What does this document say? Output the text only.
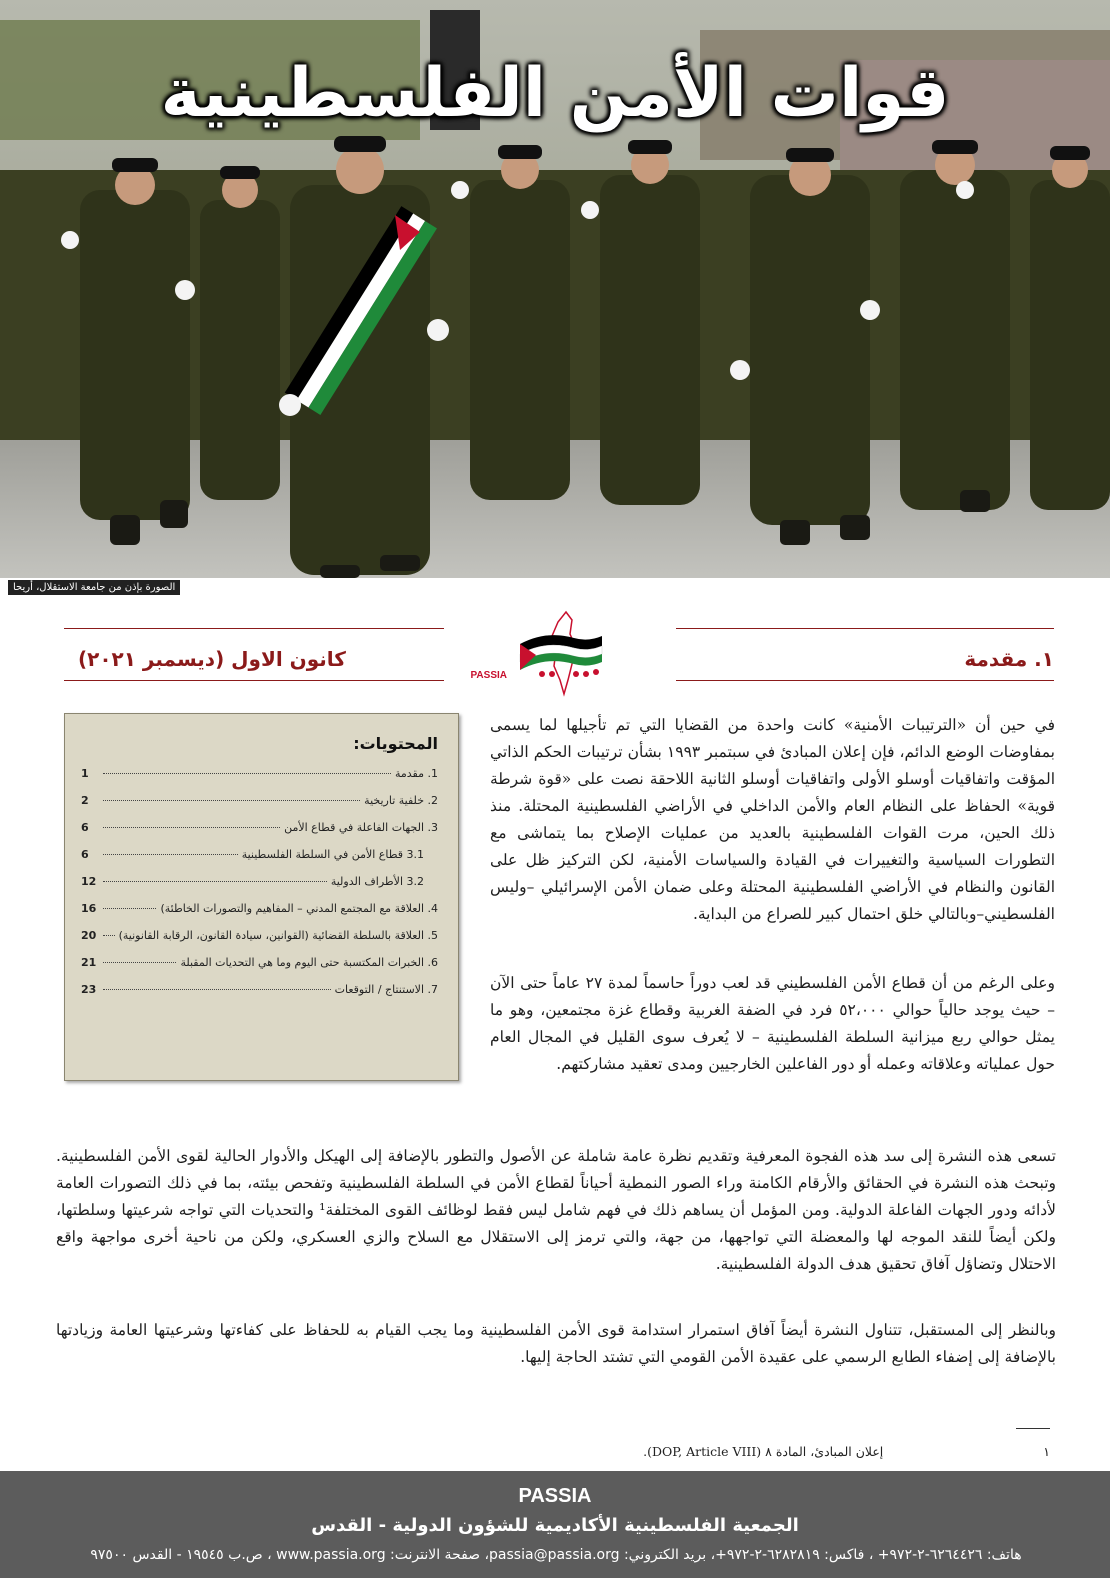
قوات الأمن الفلسطينية
الصورة بإذن من جامعة الاستقلال، أريحا
١. مقدمة
كانون الاول (ديسمبر ٢٠٢١)
PASSIA
المحتويات:
1. مقدمة
1
2. خلفية تاريخية
2
3. الجهات الفاعلة في قطاع الأمن
6
3.1 قطاع الأمن في السلطة الفلسطينية
6
3.2 الأطراف الدولية
12
4. العلاقة مع المجتمع المدني – المفاهيم والتصورات الخاطئة)
16
5. العلاقة بالسلطة القضائية (القوانين، سيادة القانون، الرقابة القانونية)
20
6. الخبرات المكتسبة حتى اليوم وما هي التحديات المقبلة
21
7. الاستنتاج / التوقعات
23

في حين أن «الترتيبات الأمنية» كانت واحدة من القضايا التي تم تأجيلها لما يسمى بمفاوضات الوضع الدائم، فإن إعلان المبادئ في سبتمبر ١٩٩٣ بشأن ترتيبات الحكم الذاتي المؤقت واتفاقيات أوسلو الأولى واتفاقيات أوسلو الثانية اللاحقة نصت على «قوة شرطة قوية» الحفاظ على النظام العام والأمن الداخلي في الأراضي الفلسطينية المحتلة. منذ ذلك الحين، مرت القوات الفلسطينية بالعديد من عمليات الإصلاح بما يتماشى مع التطورات السياسية والتغييرات في القيادة والسياسات الأمنية، لكن التركيز ظل على القانون والنظام في الأراضي الفلسطينية المحتلة وعلى ضمان الأمن الإسرائيلي –وليس الفلسطيني–وبالتالي خلق احتمال كبير للصراع من البداية.

وعلى الرغم من أن قطاع الأمن الفلسطيني قد لعب دوراً حاسماً لمدة ٢٧ عاماً حتى الآن – حيث يوجد حالياً حوالي ٥٢،٠٠٠ فرد في الضفة الغربية وقطاع غزة مجتمعين، وهو ما يمثل حوالي ربع ميزانية السلطة الفلسطينية – لا يُعرف سوى القليل في المجال العام حول عملياته وعلاقاته وعمله أو دور الفاعلين الخارجيين ومدى تعقيد مشاركتهم.

تسعى هذه النشرة إلى سد هذه الفجوة المعرفية وتقديم نظرة عامة شاملة عن الأصول والتطور بالإضافة إلى الهيكل والأدوار الحالية لقوى الأمن الفلسطينية. وتبحث هذه النشرة في الحقائق والأرقام الكامنة وراء الصور النمطية أحياناً لقطاع الأمن في السلطة الفلسطينية وتفحص بيئته، بما في ذلك التصورات العامة لأدائه ودور الجهات الفاعلة الدولية. ومن المؤمل أن يساهم ذلك في فهم شامل ليس فقط لوظائف القوى المختلفة¹ والتحديات التي تواجه شرعيتها وسلطتها، ولكن أيضاً للنقد الموجه لها والمعضلة التي تواجهها، من جهة، والتي ترمز إلى الاستقلال مع السلاح والزي العسكري، ولكن من ناحية أخرى مواجهة واقع الاحتلال وتضاؤل آفاق تحقيق هدف الدولة الفلسطينية.

وبالنظر إلى المستقبل، تتناول النشرة أيضاً آفاق استمرار استدامة قوى الأمن الفلسطينية وما يجب القيام به للحفاظ على كفاءتها وشرعيتها العامة وزيادتها بالإضافة إلى إضفاء الطابع الرسمي على عقيدة الأمن القومي التي تشتد الحاجة إليها.

١
إعلان المبادئ، المادة ٨ (DOP, Article VIII).
PASSIA
الجمعية الفلسطينية الأكاديمية للشؤون الدولية - القدس
هاتف: ٦٢٦٤٤٢٦-٢-٩٧٢+ ، فاكس: ٦٢٨٢٨١٩-٢-٩٧٢+، بريد الكتروني: passia@passia.org، صفحة الانترنت: www.passia.org ، ص.ب ١٩٥٤٥ - القدس ٩٧٥٠٠
